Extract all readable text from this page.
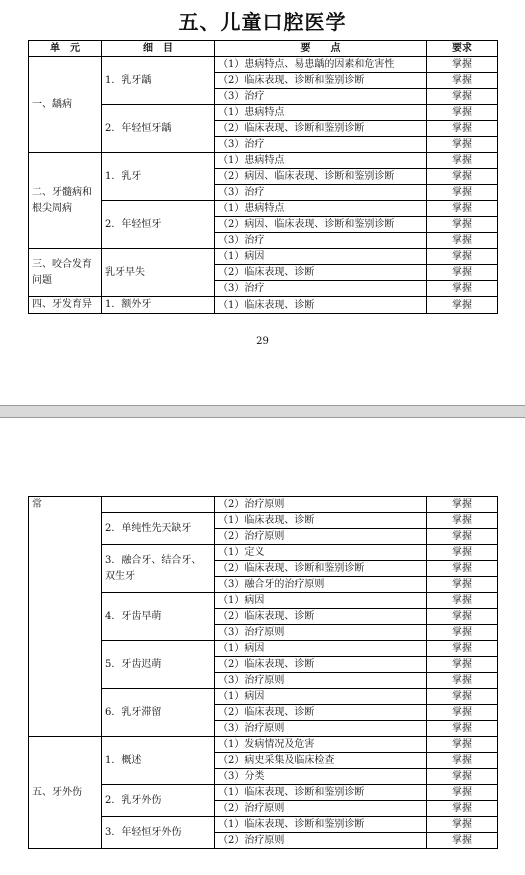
五、儿童口腔医学
单　元	细　目	要　　点	要求
一、龋病	1．乳牙龋	（1）患病特点、易患龋的因素和危害性	掌握
		（2）临床表现、诊断和鉴别诊断	掌握
		（3）治疗	掌握
	2．年轻恒牙龋	（1）患病特点	掌握
		（2）临床表现、诊断和鉴别诊断	掌握
		（3）治疗	掌握
二、牙髓病和根尖周病	1．乳牙	（1）患病特点	掌握
		（2）病因、临床表现、诊断和鉴别诊断	掌握
		（3）治疗	掌握
	2．年轻恒牙	（1）患病特点	掌握
		（2）病因、临床表现、诊断和鉴别诊断	掌握
		（3）治疗	掌握
三、咬合发育问题	乳牙早失	（1）病因	掌握
		（2）临床表现、诊断	掌握
		（3）治疗	掌握
四、牙发育异	1．额外牙	（1）临床表现、诊断	掌握
29
常		（2）治疗原则	掌握
	2．单纯性先天缺牙	（1）临床表现、诊断	掌握
		（2）治疗原则	掌握
	3．融合牙、结合牙、双生牙	（1）定义	掌握
		（2）临床表现、诊断和鉴别诊断	掌握
		（3）融合牙的治疗原则	掌握
	4．牙齿早萌	（1）病因	掌握
		（2）临床表现、诊断	掌握
		（3）治疗原则	掌握
	5．牙齿迟萌	（1）病因	掌握
		（2）临床表现、诊断	掌握
		（3）治疗原则	掌握
	6．乳牙滞留	（1）病因	掌握
		（2）临床表现、诊断	掌握
		（3）治疗原则	掌握
五、牙外伤	1．概述	（1）发病情况及危害	掌握
		（2）病史采集及临床检查	掌握
		（3）分类	掌握
	2．乳牙外伤	（1）临床表现、诊断和鉴别诊断	掌握
		（2）治疗原则	掌握
	3．年轻恒牙外伤	（1）临床表现、诊断和鉴别诊断	掌握
		（2）治疗原则	掌握
